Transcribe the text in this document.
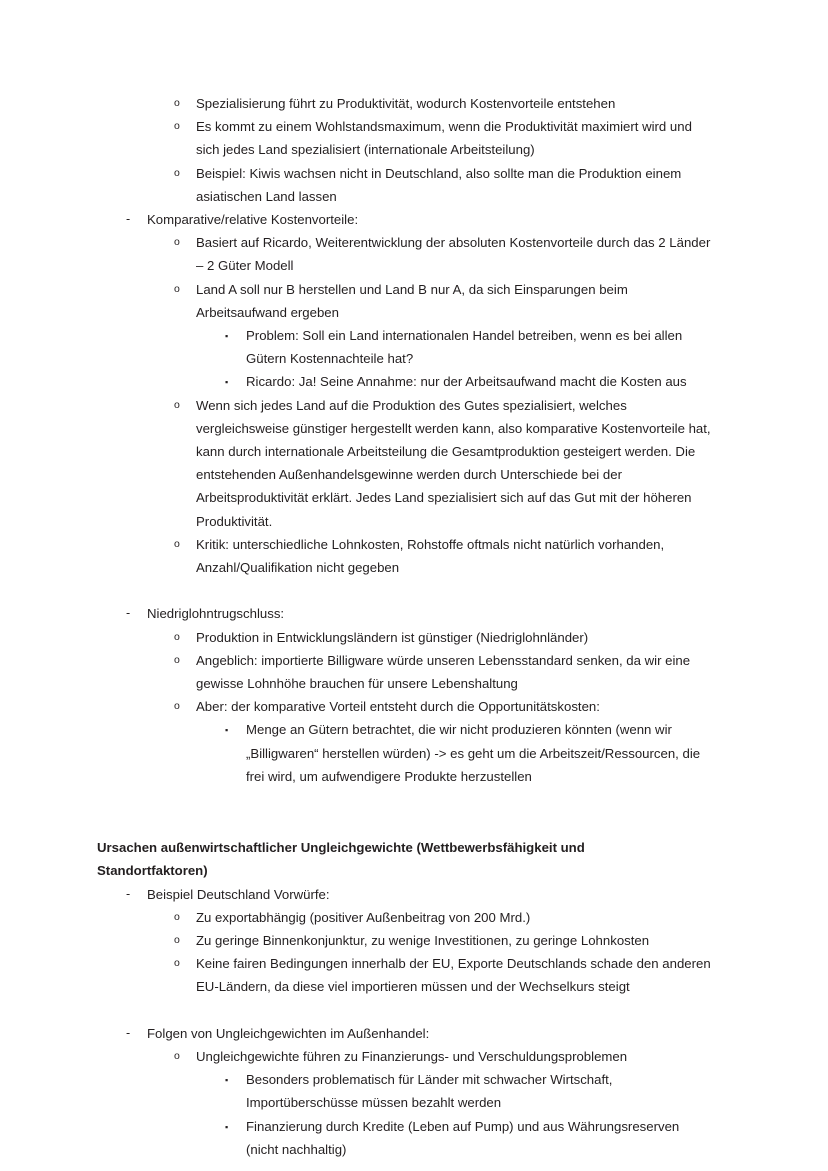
o Spezialisierung führt zu Produktivität, wodurch Kostenvorteile entstehen
o Es kommt zu einem Wohlstandsmaximum, wenn die Produktivität maximiert wird und sich jedes Land spezialisiert (internationale Arbeitsteilung)
o Beispiel: Kiwis wachsen nicht in Deutschland, also sollte man die Produktion einem asiatischen Land lassen
- Komparative/relative Kostenvorteile:
o Basiert auf Ricardo, Weiterentwicklung der absoluten Kostenvorteile durch das 2 Länder – 2 Güter Modell
o Land A soll nur B herstellen und Land B nur A, da sich Einsparungen beim Arbeitsaufwand ergeben
▪ Problem: Soll ein Land internationalen Handel betreiben, wenn es bei allen Gütern Kostennachteile hat?
▪ Ricardo: Ja! Seine Annahme: nur der Arbeitsaufwand macht die Kosten aus
o Wenn sich jedes Land auf die Produktion des Gutes spezialisiert, welches vergleichsweise günstiger hergestellt werden kann, also komparative Kostenvorteile hat, kann durch internationale Arbeitsteilung die Gesamtproduktion gesteigert werden. Die entstehenden Außenhandelsgewinne werden durch Unterschiede bei der Arbeitsproduktivität erklärt. Jedes Land spezialisiert sich auf das Gut mit der höheren Produktivität.
o Kritik: unterschiedliche Lohnkosten, Rohstoffe oftmals nicht natürlich vorhanden, Anzahl/Qualifikation nicht gegeben
- Niedriglohntrugschluss:
o Produktion in Entwicklungsländern ist günstiger (Niedriglohnländer)
o Angeblich: importierte Billigware würde unseren Lebensstandard senken, da wir eine gewisse Lohnhöhe brauchen für unsere Lebenshaltung
o Aber: der komparative Vorteil entsteht durch die Opportunitätskosten:
▪ Menge an Gütern betrachtet, die wir nicht produzieren könnten (wenn wir „Billigwaren“ herstellen würden) -> es geht um die Arbeitszeit/Ressourcen, die frei wird, um aufwendigere Produkte herzustellen
Ursachen außenwirtschaftlicher Ungleichgewichte (Wettbewerbsfähigkeit und Standortfaktoren)
- Beispiel Deutschland Vorwürfe:
o Zu exportabhängig (positiver Außenbeitrag von 200 Mrd.)
o Zu geringe Binnenkonjunktur, zu wenige Investitionen, zu geringe Lohnkosten
o Keine fairen Bedingungen innerhalb der EU, Exporte Deutschlands schade den anderen EU-Ländern, da diese viel importieren müssen und der Wechselkurs steigt
- Folgen von Ungleichgewichten im Außenhandel:
o Ungleichgewichte führen zu Finanzierungs- und Verschuldungsproblemen
▪ Besonders problematisch für Länder mit schwacher Wirtschaft, Importüberschüsse müssen bezahlt werden
▪ Finanzierung durch Kredite (Leben auf Pump) und aus Währungsreserven (nicht nachhaltig)
